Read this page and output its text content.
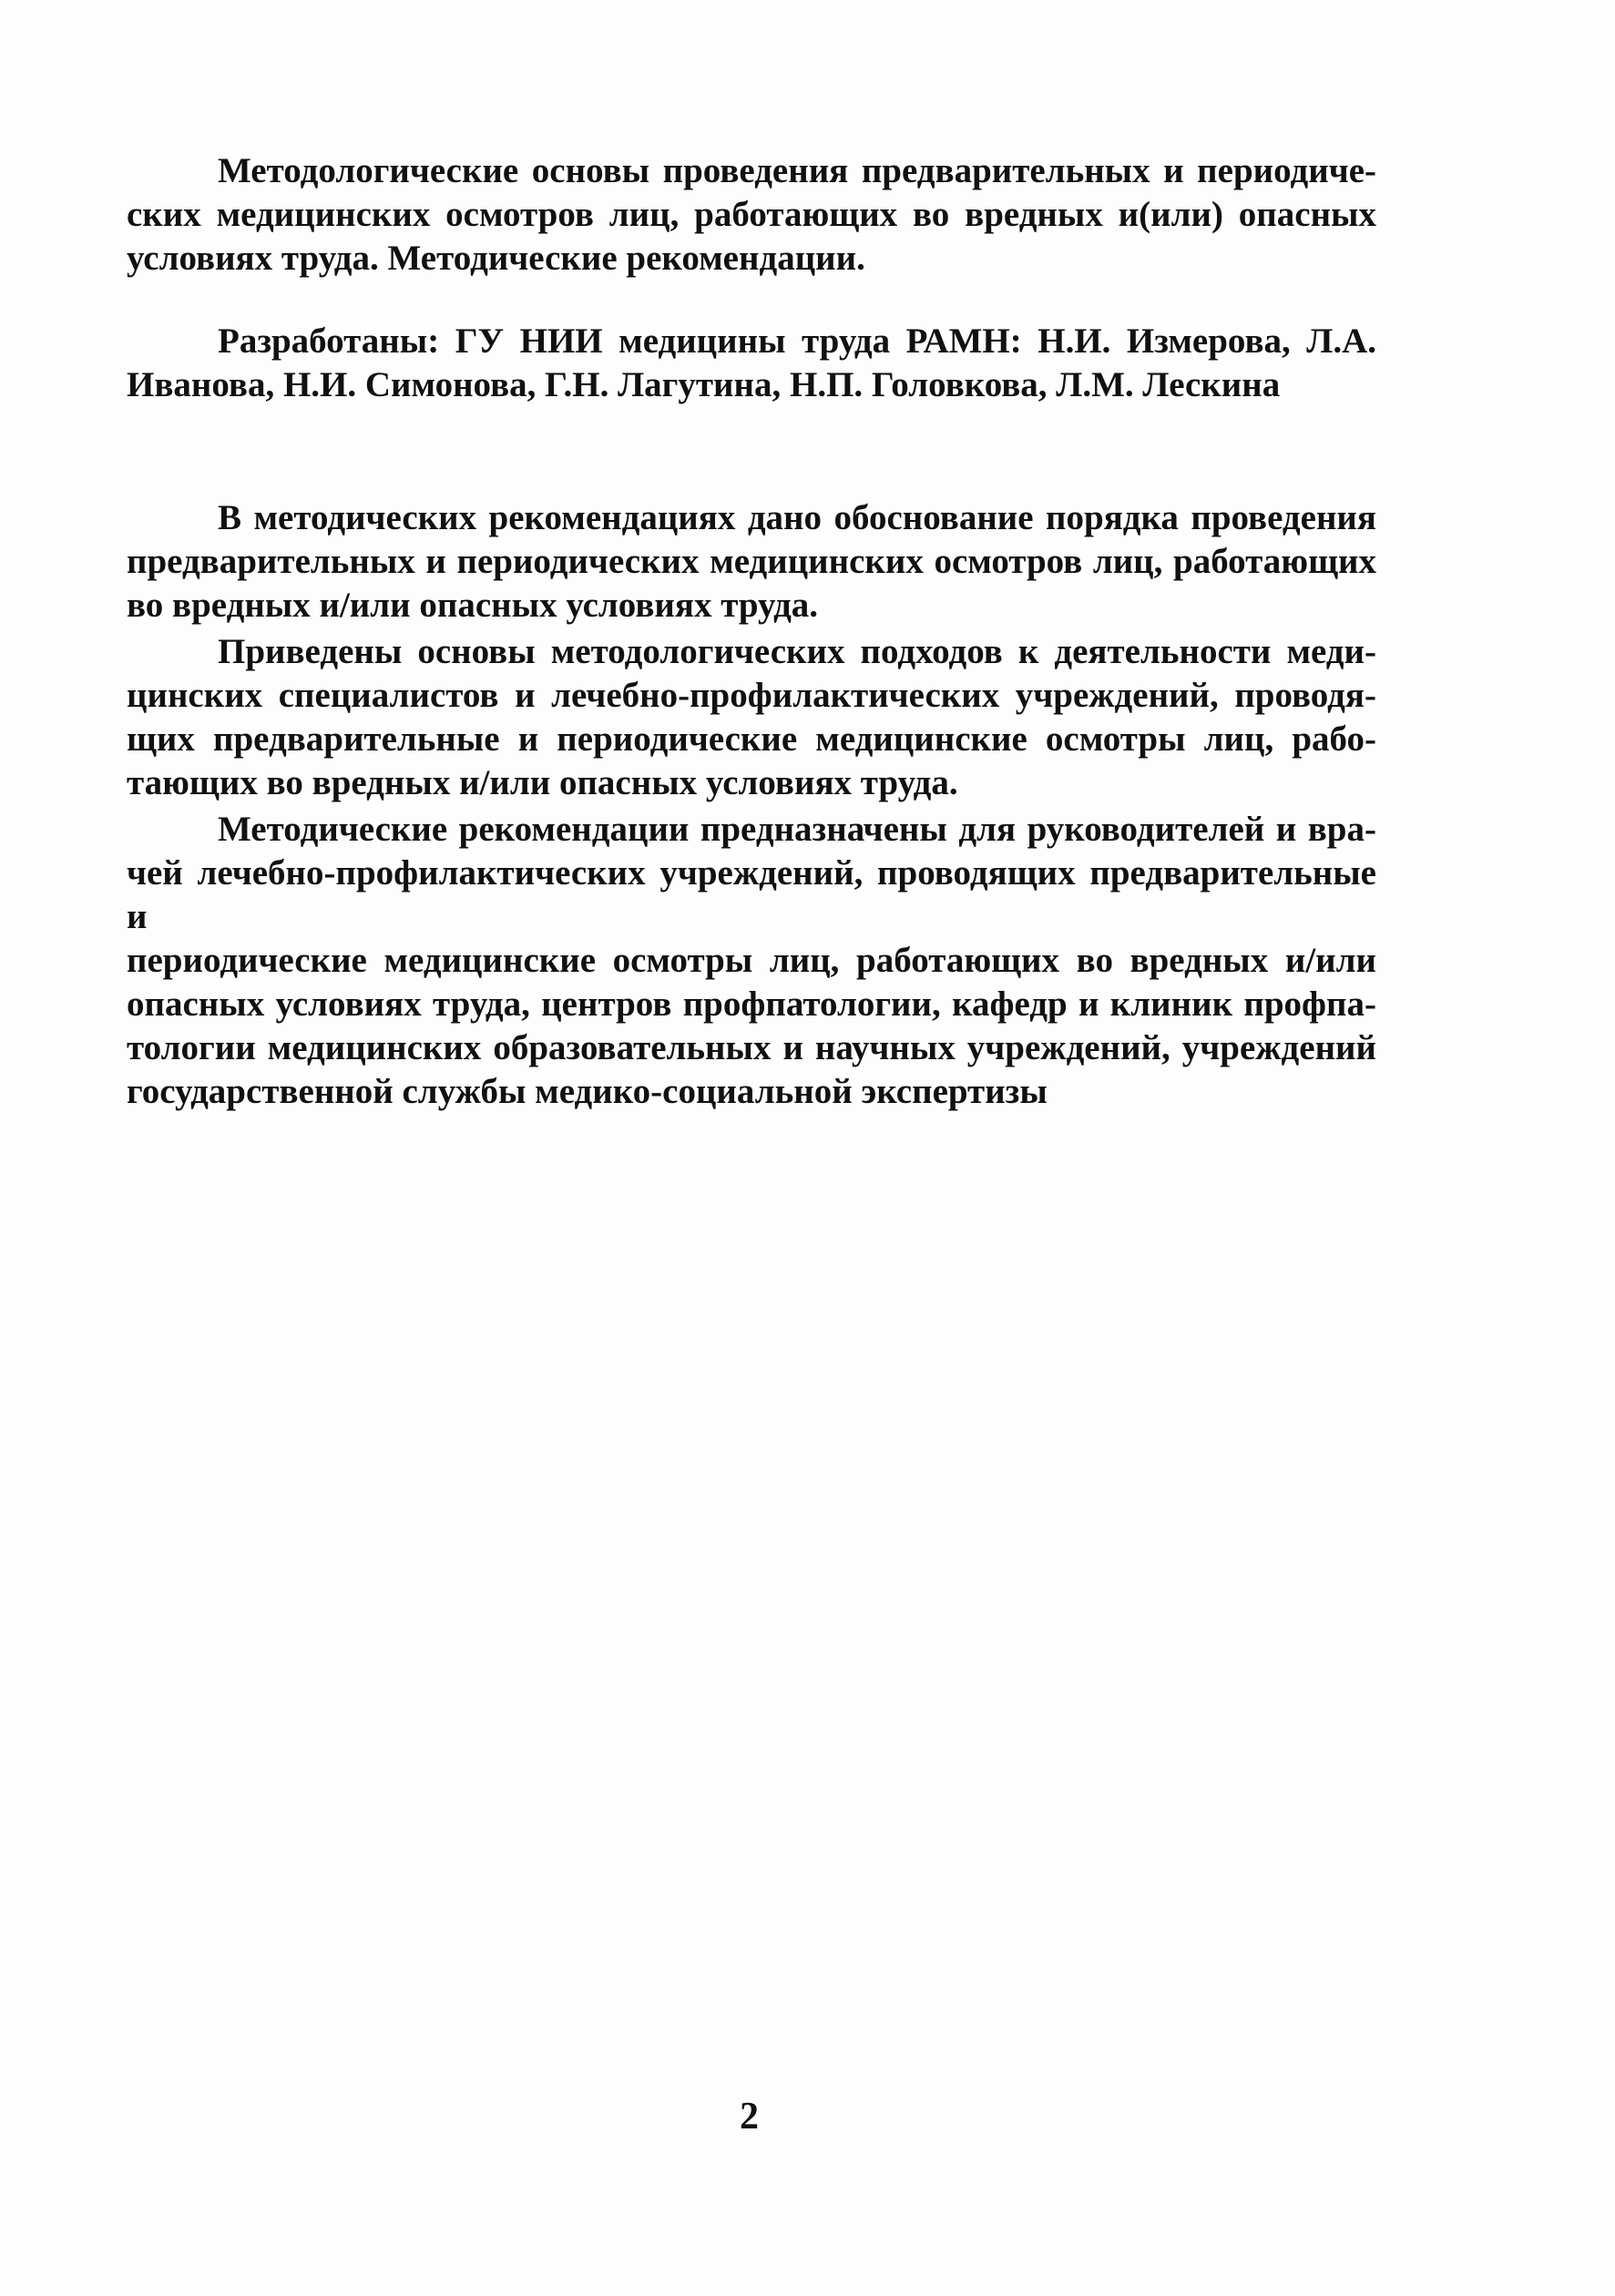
Методологические основы проведения предварительных и периодиче-
ских медицинских осмотров лиц, работающих во вредных и(или) опасных
условиях труда. Методические рекомендации.
Разработаны: ГУ НИИ медицины труда РАМН: Н.И. Измерова, Л.А.
Иванова, Н.И. Симонова, Г.Н. Лагутина, Н.П. Головкова, Л.М. Лескина
В методических рекомендациях дано обоснование порядка проведения
предварительных и периодических медицинских осмотров лиц, работающих
во вредных и/или опасных условиях труда.
Приведены основы методологических подходов к деятельности меди-
цинских специалистов и лечебно-профилактических учреждений, проводя-
щих предварительные и периодические медицинские осмотры лиц, рабо-
тающих во вредных и/или опасных условиях труда.
Методические рекомендации предназначены для руководителей и вра-
чей лечебно-профилактических учреждений, проводящих предварительные и
периодические медицинские осмотры лиц, работающих во вредных и/или
опасных условиях труда, центров профпатологии, кафедр и клиник профпа-
тологии медицинских образовательных и научных учреждений, учреждений
государственной службы медико-социальной экспертизы
2
